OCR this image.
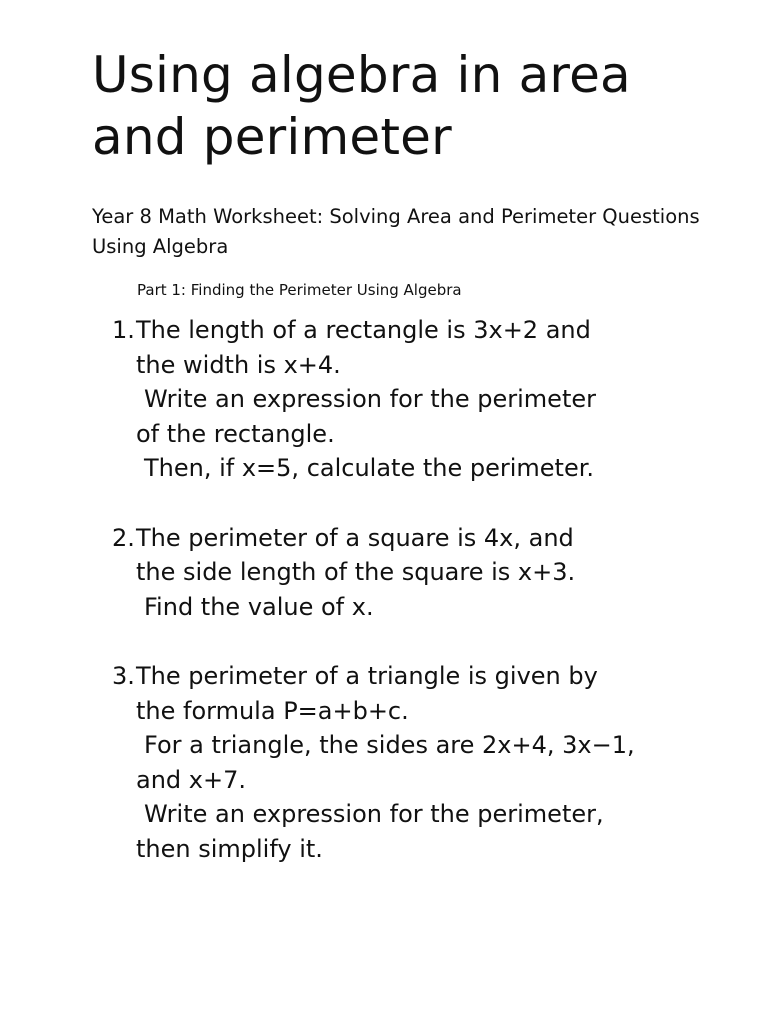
Using algebra in area and perimeter

Year 8 Math Worksheet: Solving Area and Perimeter Questions Using Algebra

Part 1: Finding the Perimeter Using Algebra

1. The length of a rectangle is 3x+2 and
the width is x+4.
Write an expression for the perimeter
of the rectangle.
Then, if x=5, calculate the perimeter.
2. The perimeter of a square is 4x, and
the side length of the square is x+3.
Find the value of x.
3. The perimeter of a triangle is given by
the formula P=a+b+c.
For a triangle, the sides are 2x+4, 3x−1,
and x+7.
Write an expression for the perimeter,
then simplify it.
